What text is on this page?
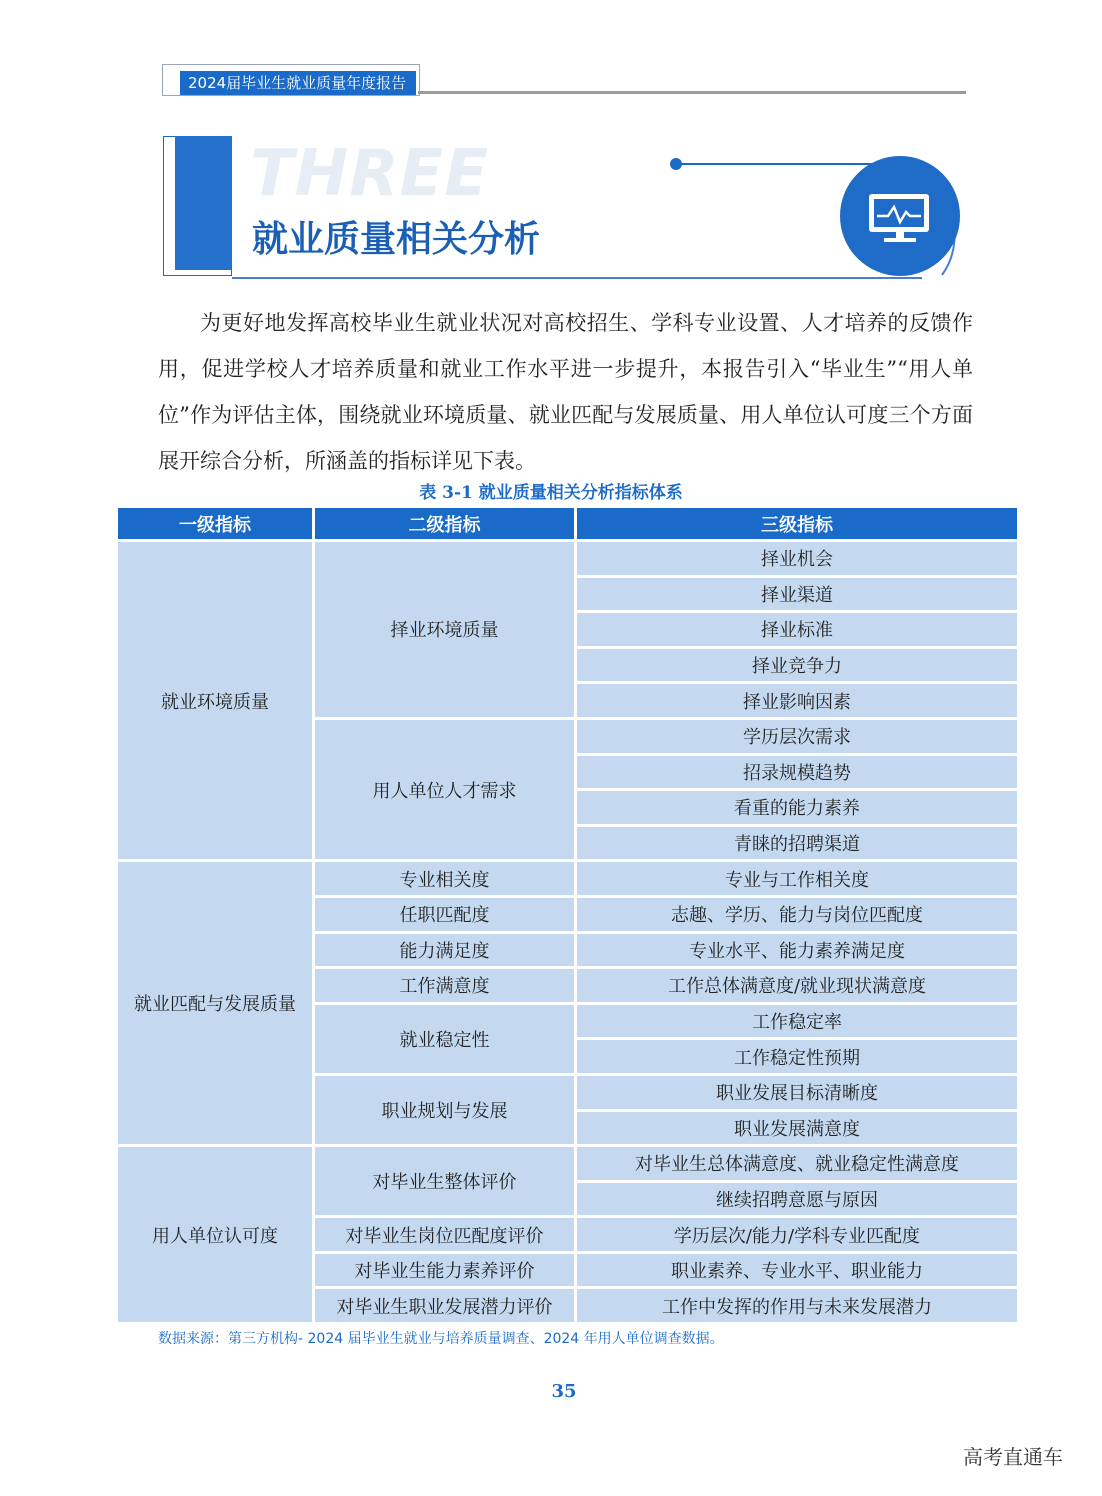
2024届毕业生就业质量年度报告
THREE
就业质量相关分析
为更好地发挥高校毕业生就业状况对高校招生、学科专业设置、人才培养的反馈作用，促进学校人才培养质量和就业工作水平进一步提升，本报告引入“毕业生”“用人单位”作为评估主体，围绕就业环境质量、就业匹配与发展质量、用人单位认可度三个方面展开综合分析，所涵盖的指标详见下表。
表 3-1 就业质量相关分析指标体系
一级指标	二级指标	三级指标
就业环境质量	择业环境质量	择业机会
		择业渠道
		择业标准
		择业竞争力
		择业影响因素
	用人单位人才需求	学历层次需求
		招录规模趋势
		看重的能力素养
		青睐的招聘渠道
就业匹配与发展质量	专业相关度	专业与工作相关度
	任职匹配度	志趣、学历、能力与岗位匹配度
	能力满足度	专业水平、能力素养满足度
	工作满意度	工作总体满意度/就业现状满意度
	就业稳定性	工作稳定率
		工作稳定性预期
	职业规划与发展	职业发展目标清晰度
		职业发展满意度
用人单位认可度	对毕业生整体评价	对毕业生总体满意度、就业稳定性满意度
		继续招聘意愿与原因
	对毕业生岗位匹配度评价	学历层次/能力/学科专业匹配度
	对毕业生能力素养评价	职业素养、专业水平、职业能力
	对毕业生职业发展潜力评价	工作中发挥的作用与未来发展潜力
数据来源：第三方机构- 2024 届毕业生就业与培养质量调查、2024 年用人单位调查数据。
35
高考直通车
